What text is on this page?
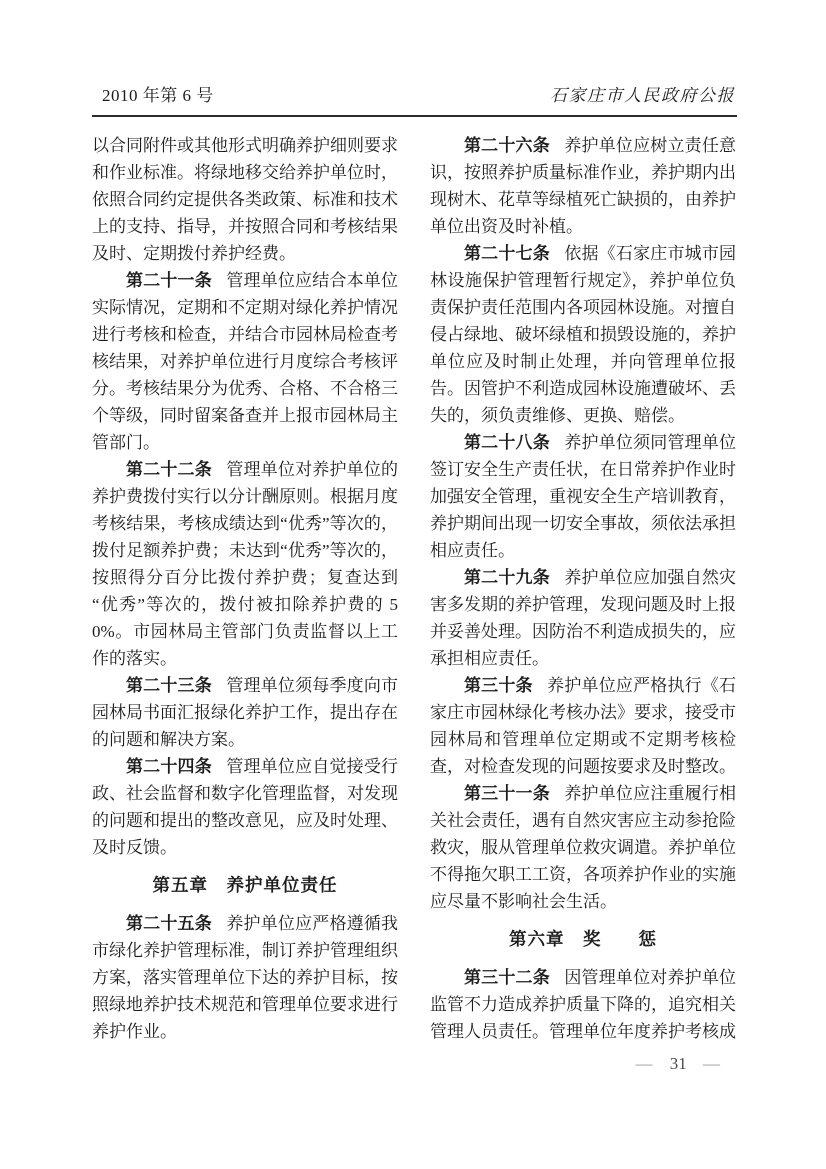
2010 年第 6 号	石家庄市人民政府公报

以合同附件或其他形式明确养护细则要求和作业标准。将绿地移交给养护单位时，依照合同约定提供各类政策、标准和技术上的支持、指导，并按照合同和考核结果及时、定期拨付养护经费。

第二十一条 管理单位应结合本单位实际情况，定期和不定期对绿化养护情况进行考核和检查，并结合市园林局检查考核结果，对养护单位进行月度综合考核评分。考核结果分为优秀、合格、不合格三个等级，同时留案备查并上报市园林局主管部门。

第二十二条 管理单位对养护单位的养护费拨付实行以分计酬原则。根据月度考核结果，考核成绩达到“优秀”等次的，拨付足额养护费；未达到“优秀”等次的，按照得分百分比拨付养护费；复查达到“优秀”等次的，拨付被扣除养护费的 50%。市园林局主管部门负责监督以上工作的落实。

第二十三条 管理单位须每季度向市园林局书面汇报绿化养护工作，提出存在的问题和解决方案。

第二十四条 管理单位应自觉接受行政、社会监督和数字化管理监督，对发现的问题和提出的整改意见，应及时处理、及时反馈。

第五章　养护单位责任

第二十五条 养护单位应严格遵循我市绿化养护管理标准，制订养护管理组织方案，落实管理单位下达的养护目标，按照绿地养护技术规范和管理单位要求进行养护作业。

第二十六条 养护单位应树立责任意识，按照养护质量标准作业，养护期内出现树木、花草等绿植死亡缺损的，由养护单位出资及时补植。

第二十七条 依据《石家庄市城市园林设施保护管理暂行规定》，养护单位负责保护责任范围内各项园林设施。对擅自侵占绿地、破坏绿植和损毁设施的，养护单位应及时制止处理，并向管理单位报告。因管护不利造成园林设施遭破坏、丢失的，须负责维修、更换、赔偿。

第二十八条 养护单位须同管理单位签订安全生产责任状，在日常养护作业时加强安全管理，重视安全生产培训教育，养护期间出现一切安全事故，须依法承担相应责任。

第二十九条 养护单位应加强自然灾害多发期的养护管理，发现问题及时上报并妥善处理。因防治不利造成损失的，应承担相应责任。

第三十条 养护单位应严格执行《石家庄市园林绿化考核办法》要求，接受市园林局和管理单位定期或不定期考核检查，对检查发现的问题按要求及时整改。

第三十一条 养护单位应注重履行相关社会责任，遇有自然灾害应主动参抢险救灾，服从管理单位救灾调遣。养护单位不得拖欠职工工资，各项养护作业的实施应尽量不影响社会生活。

第六章　奖　　惩

第三十二条 因管理单位对养护单位监管不力造成养护质量下降的，追究相关管理人员责任。管理单位年度养护考核成

— 31 —
